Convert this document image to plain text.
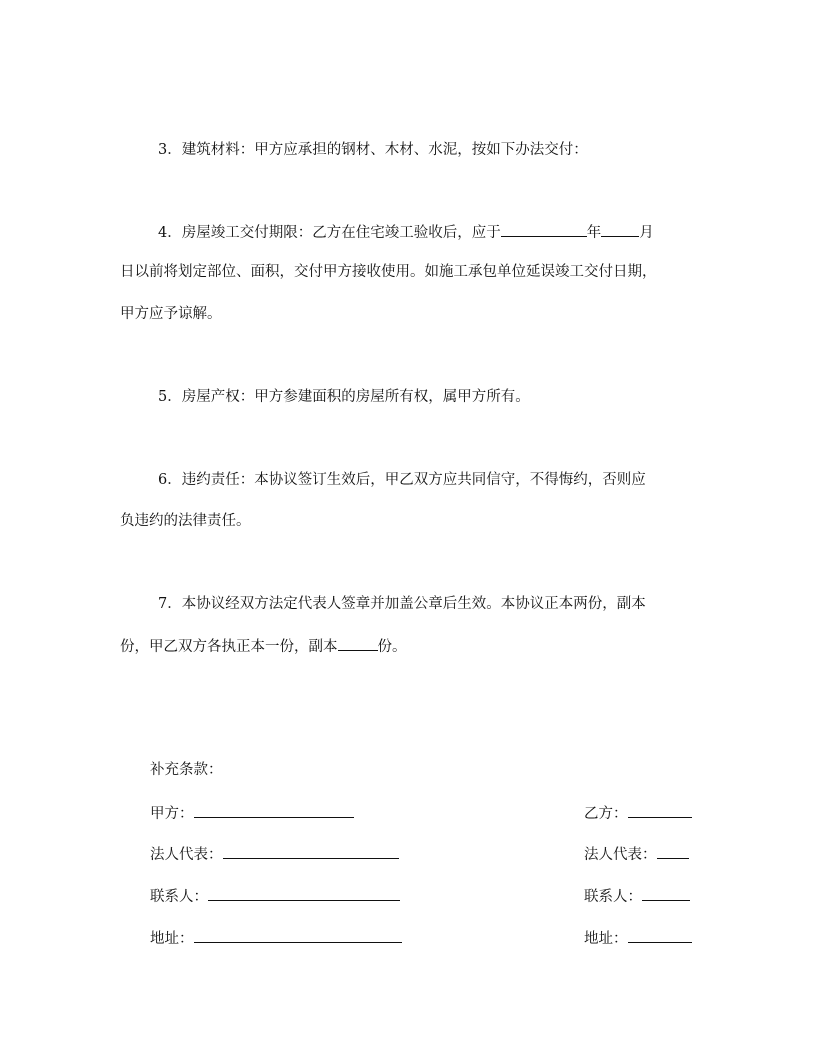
3．建筑材料：甲方应承担的钢材、木材、水泥，按如下办法交付：
4．房屋竣工交付期限：乙方在住宅竣工验收后，应于	年	月
日以前将划定部位、面积，交付甲方接收使用。如施工承包单位延误竣工交付日期，
甲方应予谅解。
5．房屋产权：甲方参建面积的房屋所有权，属甲方所有。
6．违约责任：本协议签订生效后，甲乙双方应共同信守，不得悔约，否则应
负违约的法律责任。
7．本协议经双方法定代表人签章并加盖公章后生效。本协议正本两份，副本
份，甲乙双方各执正本一份，副本	份。
补充条款：
甲方：	乙方：
法人代表：	法人代表：
联系人：	联系人：
地址：	地址：
